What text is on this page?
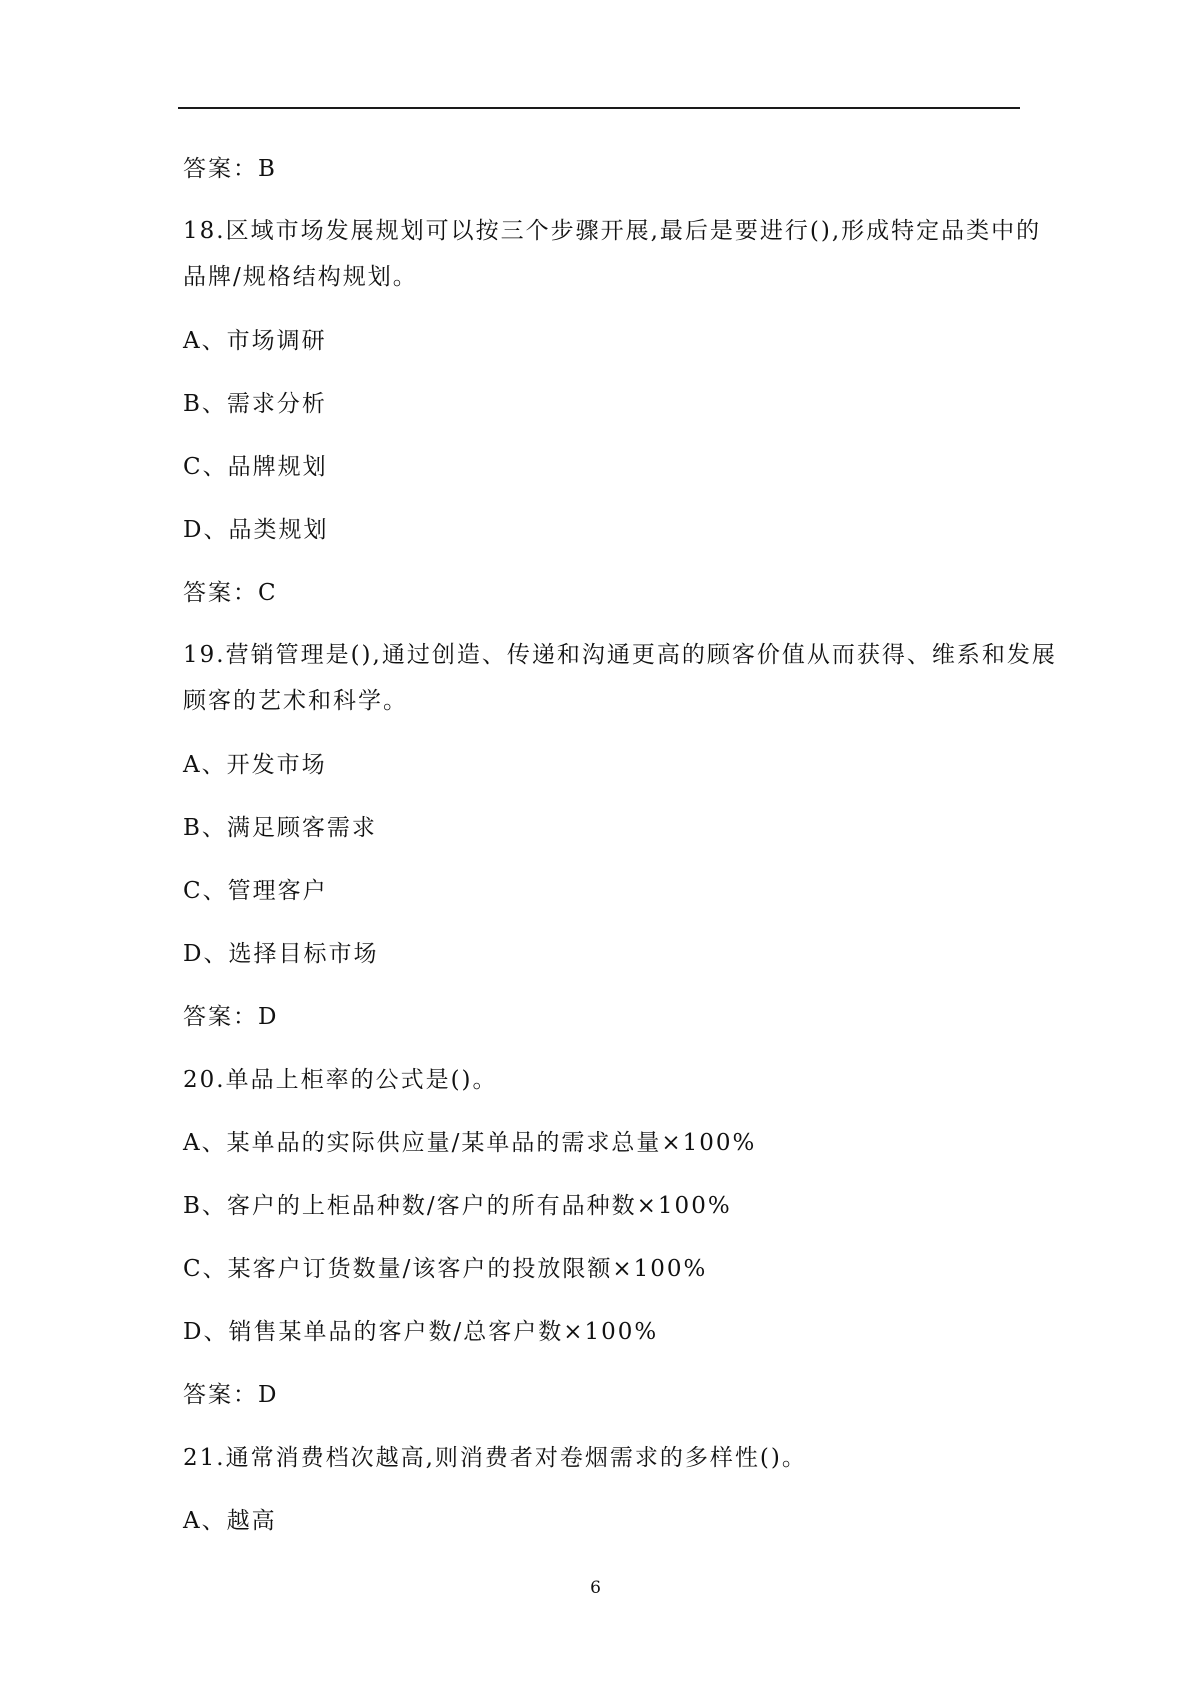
答案：B
18.区域市场发展规划可以按三个步骤开展,最后是要进行(),形成特定品类中的
品牌/规格结构规划。
A、市场调研
B、需求分析
C、品牌规划
D、品类规划
答案：C
19.营销管理是(),通过创造、传递和沟通更高的顾客价值从而获得、维系和发展
顾客的艺术和科学。
A、开发市场
B、满足顾客需求
C、管理客户
D、选择目标市场
答案：D
20.单品上柜率的公式是()。
A、某单品的实际供应量/某单品的需求总量×100%
B、客户的上柜品种数/客户的所有品种数×100%
C、某客户订货数量/该客户的投放限额×100%
D、销售某单品的客户数/总客户数×100%
答案：D
21.通常消费档次越高,则消费者对卷烟需求的多样性()。
A、越高
6
